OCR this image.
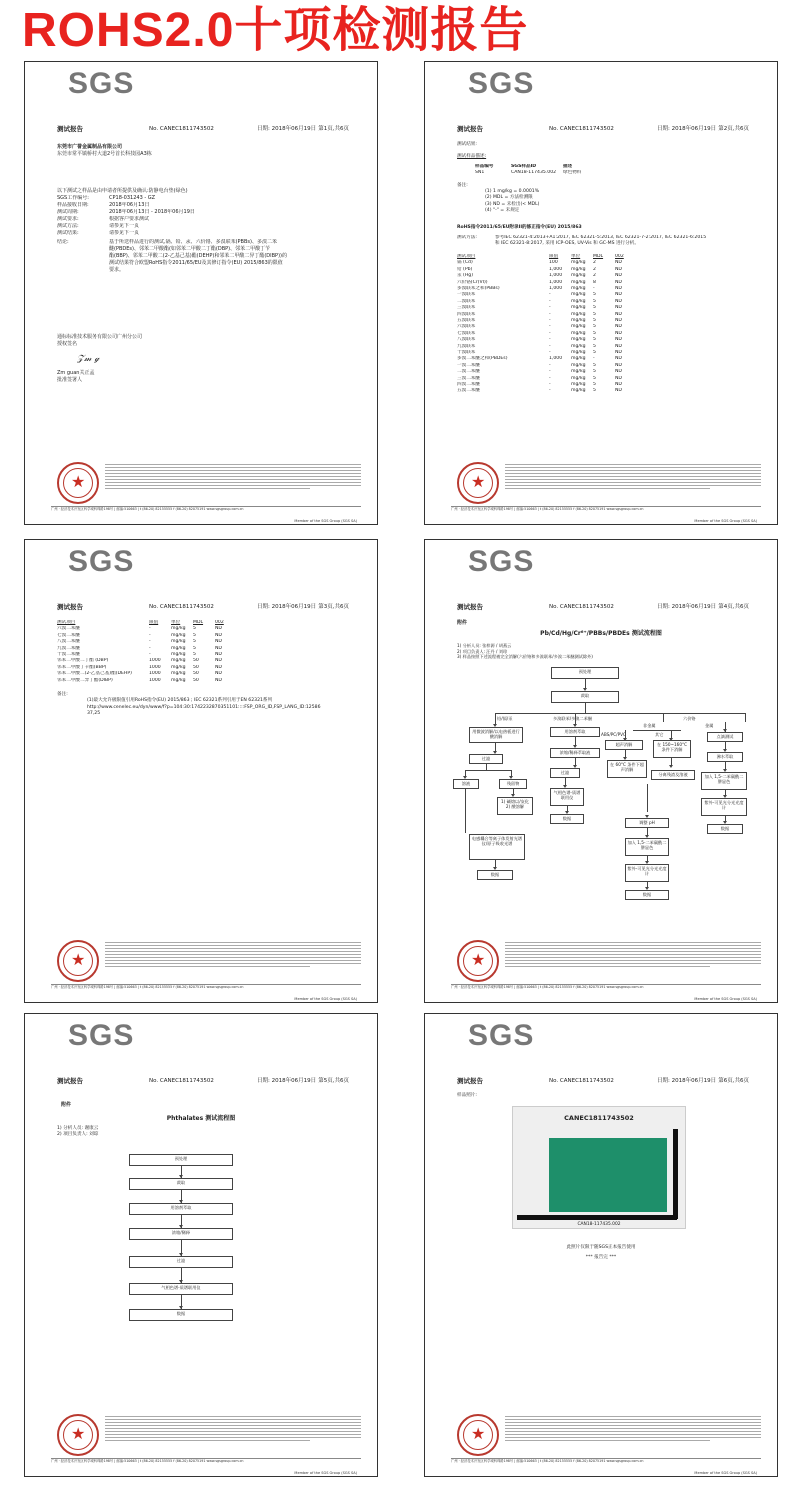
ROHS2.0十项检测报告
SGS
测试报告	No. CANEC1811743502	日期: 2018年06月19日 第1页,共6页
东莞市广誉金属制品有限公司
东莞市常平镇桥村大道2号首长科技园A3栋
以下测试之样品是由申请者所提供及确认:防静电台垫(绿色)
SGS工作编号:	CP18-031243 - GZ
样品接收日期:	2018年06月13日
测试周期:	2018年06月13日 - 2018年06月19日
测试要求:	根据客户要求测试
测试方法:	请参见下一页
测试结果:	请参见下一页
结论:	基于所送样品进行的测试,镉、铅、汞、六价铬、多溴联苯(PBBs)、多溴二苯
醚(PBDEs)、邻苯二甲酸酯(如邻苯二甲酸二丁酯(DBP)、邻苯二甲酸丁苄
酯(BBP)、邻苯二甲酸二(2-乙基己基)酯(DEHP)和邻苯二甲酸二异丁酯(DIBP))的
测试结果符合欧盟RoHS指令2011/65/EU及其修订指令(EU) 2015/863的限值
要求。
通标标准技术服务有限公司广州分公司
授权签名
𝒵𝓂 ℊ
Zm guan关正孟
批准签署人
★
广州 · 经济技术开发区科学城科珠路198号 | 邮编:510663 | t (86-20) 82155555 f (86-20) 82075191 www.sgsgroup.com.cn
Member of the SGS Group (SGS SA)
SGS
测试报告	No. CANEC1811743502	日期: 2018年06月19日 第2页,共6页
测试结果:
测试样品描述:
样品编号	SGS样品ID	描述
SN1	CAN18-117435.002	绿色物料
备注:
(1) 1 mg/kg = 0.0001%
(2) MDL = 方法检测限
(3) ND = 未检出(< MDL)
(4) "-" = 未规定
RoHS指令2011/65/EU附录II的修正指令(EU) 2015/863
测试方法:	参考IEC 62321-4:2013+A1:2017, IEC 62321-5:2013, IEC 62321-7-2:2017, IEC 62321-6:2015
和 IEC 62321-8:2017, 采用 ICP-OES, UV-Vis 和 GC-MS 进行分析。
测试项目	限值	单位	MDL	002
镉 (Cd)	100	mg/kg	2	ND
铅 (Pb)	1,000	mg/kg	2	ND
汞 (Hg)	1,000	mg/kg	2	ND
六价铬(Cr(VI))	1,000	mg/kg	8	ND
多溴联苯之和(PBBs)	1,000	mg/kg	-	ND
一溴联苯	-	mg/kg	5	ND
二溴联苯	-	mg/kg	5	ND
三溴联苯	-	mg/kg	5	ND
四溴联苯	-	mg/kg	5	ND
五溴联苯	-	mg/kg	5	ND
六溴联苯	-	mg/kg	5	ND
七溴联苯	-	mg/kg	5	ND
八溴联苯	-	mg/kg	5	ND
九溴联苯	-	mg/kg	5	ND
十溴联苯	-	mg/kg	5	ND
多溴二苯醚之和(PBDEs)	1,000	mg/kg	-	ND
一溴二苯醚	-	mg/kg	5	ND
二溴二苯醚	-	mg/kg	5	ND
三溴二苯醚	-	mg/kg	5	ND
四溴二苯醚	-	mg/kg	5	ND
五溴二苯醚	-	mg/kg	5	ND
★
广州 · 经济技术开发区科学城科珠路198号 | 邮编:510663 | t (86-20) 82155555 f (86-20) 82075191 www.sgsgroup.com.cn
Member of the SGS Group (SGS SA)
SGS
测试报告	No. CANEC1811743502	日期: 2018年06月19日 第3页,共6页
测试项目	限值	单位	MDL	002
六溴二苯醚	-	mg/kg	5	ND
七溴二苯醚	-	mg/kg	5	ND
八溴二苯醚	-	mg/kg	5	ND
九溴二苯醚	-	mg/kg	5	ND
十溴二苯醚	-	mg/kg	5	ND
邻苯二甲酸二丁酯 (DBP)	1000	mg/kg	50	ND
邻苯二甲酸丁苄酯(BBP)	1000	mg/kg	50	ND
邻苯二甲酸二(2-乙基己基)酯(DEHP)	1000	mg/kg	50	ND
邻苯二甲酸二异丁酯(DIBP)	1000	mg/kg	50	ND
备注:
(1)最大允许极限值引用RoHS指令(EU) 2015/863 ; IEC 62321系列引用于EN 62321系列
http://www.cenelec.eu/dyn/www/f?p=104:30:1742232870351101::::FSP_ORG_ID,FSP_LANG_ID:12586
37,25
★
广州 · 经济技术开发区科学城科珠路198号 | 邮编:510663 | t (86-20) 82155555 f (86-20) 82075191 www.sgsgroup.com.cn
Member of the SGS Group (SGS SA)
SGS
测试报告	No. CANEC1811743502	日期: 2018年06月19日 第4页,共6页
附件
Pb/Cd/Hg/Cr⁶⁺/PBBs/PBDEs 测试流程图
1) 分析人员: 张梓源 / 胡燕云
2) 项目负责人: 汪丹 / 刘琼
3) 样品按照下述流程被完全消解(六价铬和多溴联苯/多溴二苯醚测试除外)
★
广州 · 经济技术开发区科学城科珠路198号 | 邮编:510663 | t (86-20) 82155555 f (86-20) 82075191 www.sgsgroup.com.cn
Member of the SGS Group (SGS SA)
预处理
裁取
铅/镉/汞	多溴联苯/多溴二苯醚	六价铬
用微波消解/以电热板进行酸消解
过滤
溶液	残留物
1) 碱熔以/灰化 2) 酸溶解
电感耦合等离子体发射光谱仪/原子吸收光谱
数据
用溶剂萃取
浓缩/稀释萃取液
过滤
气相色谱-质谱联用仪
数据
非金属
ABS/PC/PVC	其它
超声消解	在 150~160°C 条件下消解
在 60°C 条件下超声消解
分离残渣及溶液
调整 pH
加入 1,5-二苯碳酰二肼显色
紫外-可见光分光光度计
数据
金属
点滴测试
沸水萃取
加入 1,5-二苯碳酰二肼显色
紫外-可见光分光光度计
数据
SGS
测试报告	No. CANEC1811743502	日期: 2018年06月19日 第5页,共6页
附件
Phthalates 测试流程图
1) 分析人员: 谢康云
2) 项目负责人: 刘琼
★
广州 · 经济技术开发区科学城科珠路198号 | 邮编:510663 | t (86-20) 82155555 f (86-20) 82075191 www.sgsgroup.com.cn
Member of the SGS Group (SGS SA)
预处理
裁取
用溶剂萃取
浓缩/稀释
过滤
气相色谱-质谱联用仪
数据
SGS
测试报告	No. CANEC1811743502	日期: 2018年06月19日 第6页,共6页
样品照片:
CANEC1811743502
CAN18-117435.002
此照片仅限于随SGS正本报告使用
*** 报告完 ***
★
广州 · 经济技术开发区科学城科珠路198号 | 邮编:510663 | t (86-20) 82155555 f (86-20) 82075191 www.sgsgroup.com.cn
Member of the SGS Group (SGS SA)
